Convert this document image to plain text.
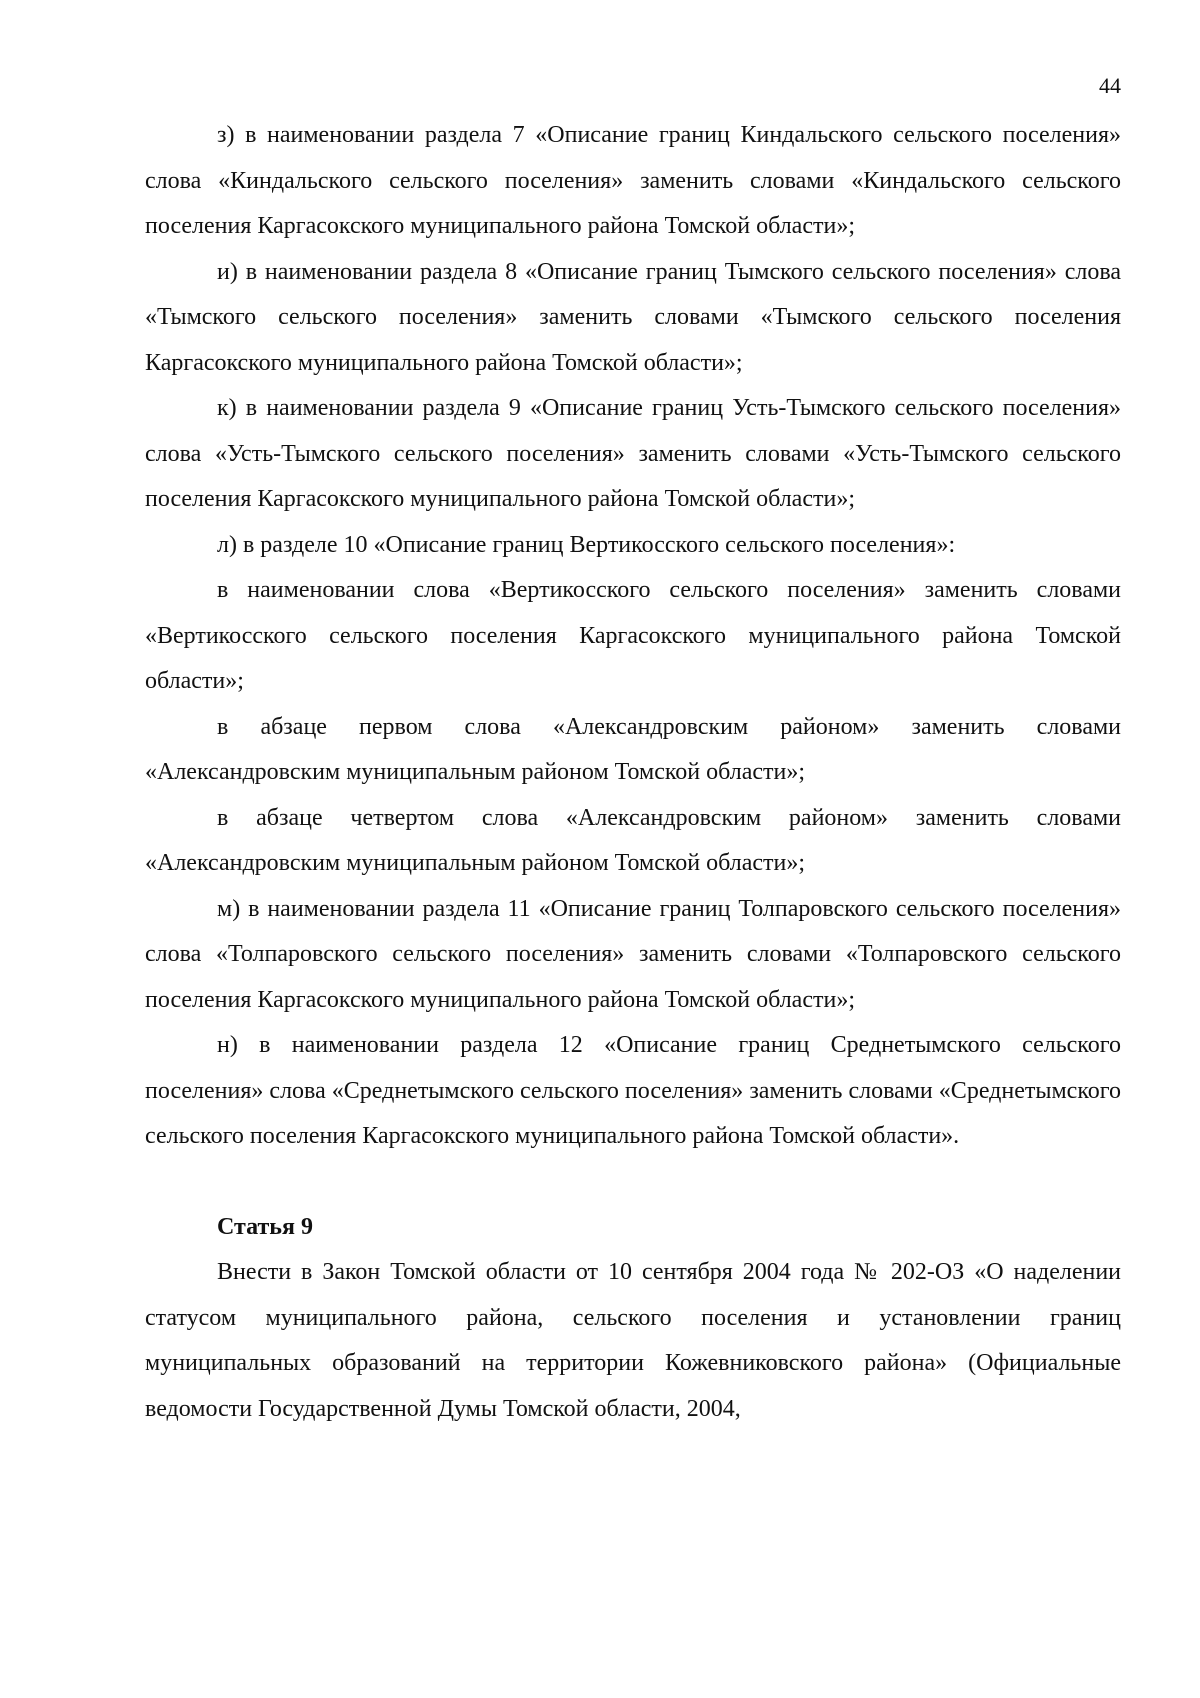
44

з) в наименовании раздела 7 «Описание границ Киндальского сельского поселения» слова «Киндальского сельского поселения» заменить словами «Киндальского сельского поселения Каргасокского муниципального района Томской области»;

и) в наименовании раздела 8 «Описание границ Тымского сельского поселения» слова «Тымского сельского поселения» заменить словами «Тымского сельского поселения Каргасокского муниципального района Томской области»;

к) в наименовании раздела 9 «Описание границ Усть-Тымского сельского поселения» слова «Усть-Тымского сельского поселения» заменить словами «Усть-Тымского сельского поселения Каргасокского муниципального района Томской области»;

л) в разделе 10 «Описание границ Вертикосского сельского поселения»:

в наименовании слова «Вертикосского сельского поселения» заменить словами «Вертикосского сельского поселения Каргасокского муниципального района Томской области»;

в абзаце первом слова «Александровским районом» заменить словами «Александровским муниципальным районом Томской области»;

в абзаце четвертом слова «Александровским районом» заменить словами «Александровским муниципальным районом Томской области»;

м) в наименовании раздела 11 «Описание границ Толпаровского сельского поселения» слова «Толпаровского сельского поселения» заменить словами «Толпаровского сельского поселения Каргасокского муниципального района Томской области»;

н) в наименовании раздела 12 «Описание границ Среднетымского сельского поселения» слова «Среднетымского сельского поселения» заменить словами «Среднетымского сельского поселения Каргасокского муниципального района Томской области».

Статья 9

Внести в Закон Томской области от 10 сентября 2004 года № 202-ОЗ «О наделении статусом муниципального района, сельского поселения и установлении границ муниципальных образований на территории Кожевниковского района» (Официальные ведомости Государственной Думы Томской области, 2004,
